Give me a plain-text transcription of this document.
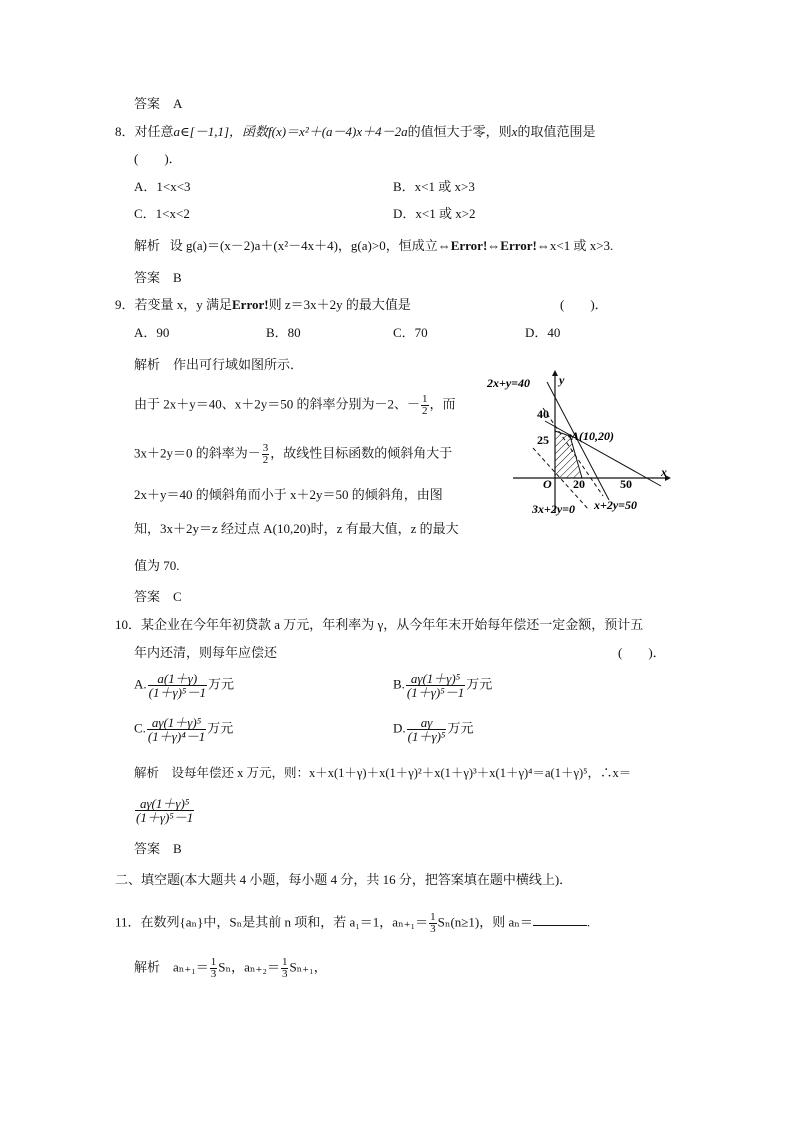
答案　A
8．对任意a∈[－1,1]，函数f(x)＝x²＋(a－4)x＋4－2a的值恒大于零，则x的取值范围是
(　　)．
A．1<x<3	B．x<1 或 x>3
C．1<x<2	D．x<1 或 x>2
解析 设 g(a)＝(x－2)a＋(x²－4x＋4)，g(a)>0，恒成立⇔Error!⇔Error!⇔x<1 或 x>3.
答案　B
9．若变量 x，y 满足Error!则 z＝3x＋2y 的最大值是	(　　)．
A．90	B．80	C．70	D．40
解析　作出可行域如图所示．
由于 2x＋y＝40、x＋2y＝50 的斜率分别为－2、－ $\frac{1}{2}$ ，而
3x＋2y＝0 的斜率为－ $\frac{3}{2}$ ，故线性目标函数的倾斜角大于
2x＋y＝40 的倾斜角而小于 x＋2y＝50 的倾斜角，由图
知，3x＋2y＝z 经过点 A(10,20)时，z 有最大值，z 的最大
值为 70.
答案　C
2x+y=40 y
x
40
25
20	50
O
A(10,20)
3x+2y=0 x+2y=50
10．某企业在今年年初贷款 a 万元，年利率为 γ，从今年年末开始每年偿还一定金额，预计五
年内还清，则每年应偿还	(　　)．
A. $\frac{a(1+\gamma)}{\text{(1＋γ)⁵－1}}$ 万元	B. $\frac{\text{aγ(1＋γ)⁵}}{\text{(1＋γ)⁵－1}}$ 万元
C. $\frac{\text{aγ(1＋γ)⁵}}{\text{(1＋γ)⁴－1}}$ 万元	D. $\frac{a\gamma}{\text{(1＋γ)⁵}}$ 万元
解析　设每年偿还 x 万元，则：x＋x(1＋γ)＋x(1＋γ)²＋x(1＋γ)³＋x(1＋γ)⁴＝a(1＋γ)⁵，∴x＝
$\frac{\text{aγ(1＋γ)⁵}}{\text{(1＋γ)⁵－1}}$
答案　B
二、填空题(本大题共 4 小题，每小题 4 分，共 16 分，把答案填在题中横线上)．
11．在数列{aₙ}中，Sₙ是其前 n 项和，若 a₁＝1，$a_{n+1}= \frac{1}{3} S_n(n\ge 1)$，则 aₙ＝	.
解析　$a_{n+1}= \frac{1}{3}$ Sₙ，$a_{n+2}= \frac{1}{3} S_{n+1}$，
